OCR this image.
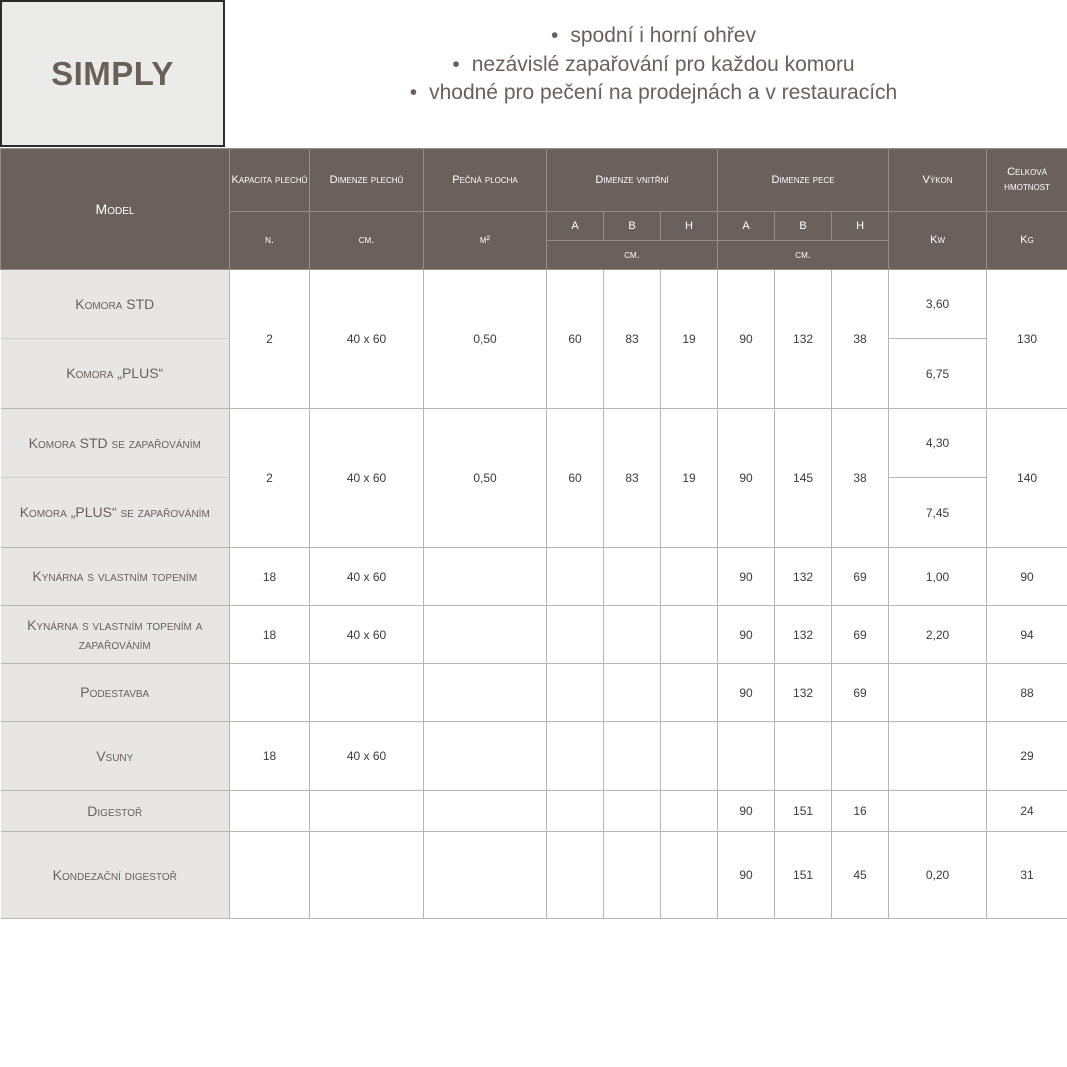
SIMPLY
• spodní i horní ohřev
• nezávislé zapařování pro každou komoru
• vhodné pro pečení na prodejnách a v restauracích
Model	Kapacita plechů	Dimenze plechů	Pečná plocha	Dimenze vnitřní			Dimenze pece			Výkon	Celková hmotnost
	n.	cm.	m²	A	B	H	A	B	H	Kw	Kg
				cm.			cm.				
Komora STD	2	40 x 60	0,50	60	83	19	90	132	38	3,60	130
Komora „PLUS“										6,75	
Komora STD se zapařováním	2	40 x 60	0,50	60	83	19	90	145	38	4,30	140
Komora „PLUS“ se zapařováním										7,45	
Kynárna s vlastním topením	18	40 x 60					90	132	69	1,00	90
Kynárna s vlastním topením a zapařováním	18	40 x 60					90	132	69	2,20	94
Podestavba							90	132	69		88
Vsuny	18	40 x 60									29
Digestoř							90	151	16		24
Kondezační digestoř							90	151	45	0,20	31
